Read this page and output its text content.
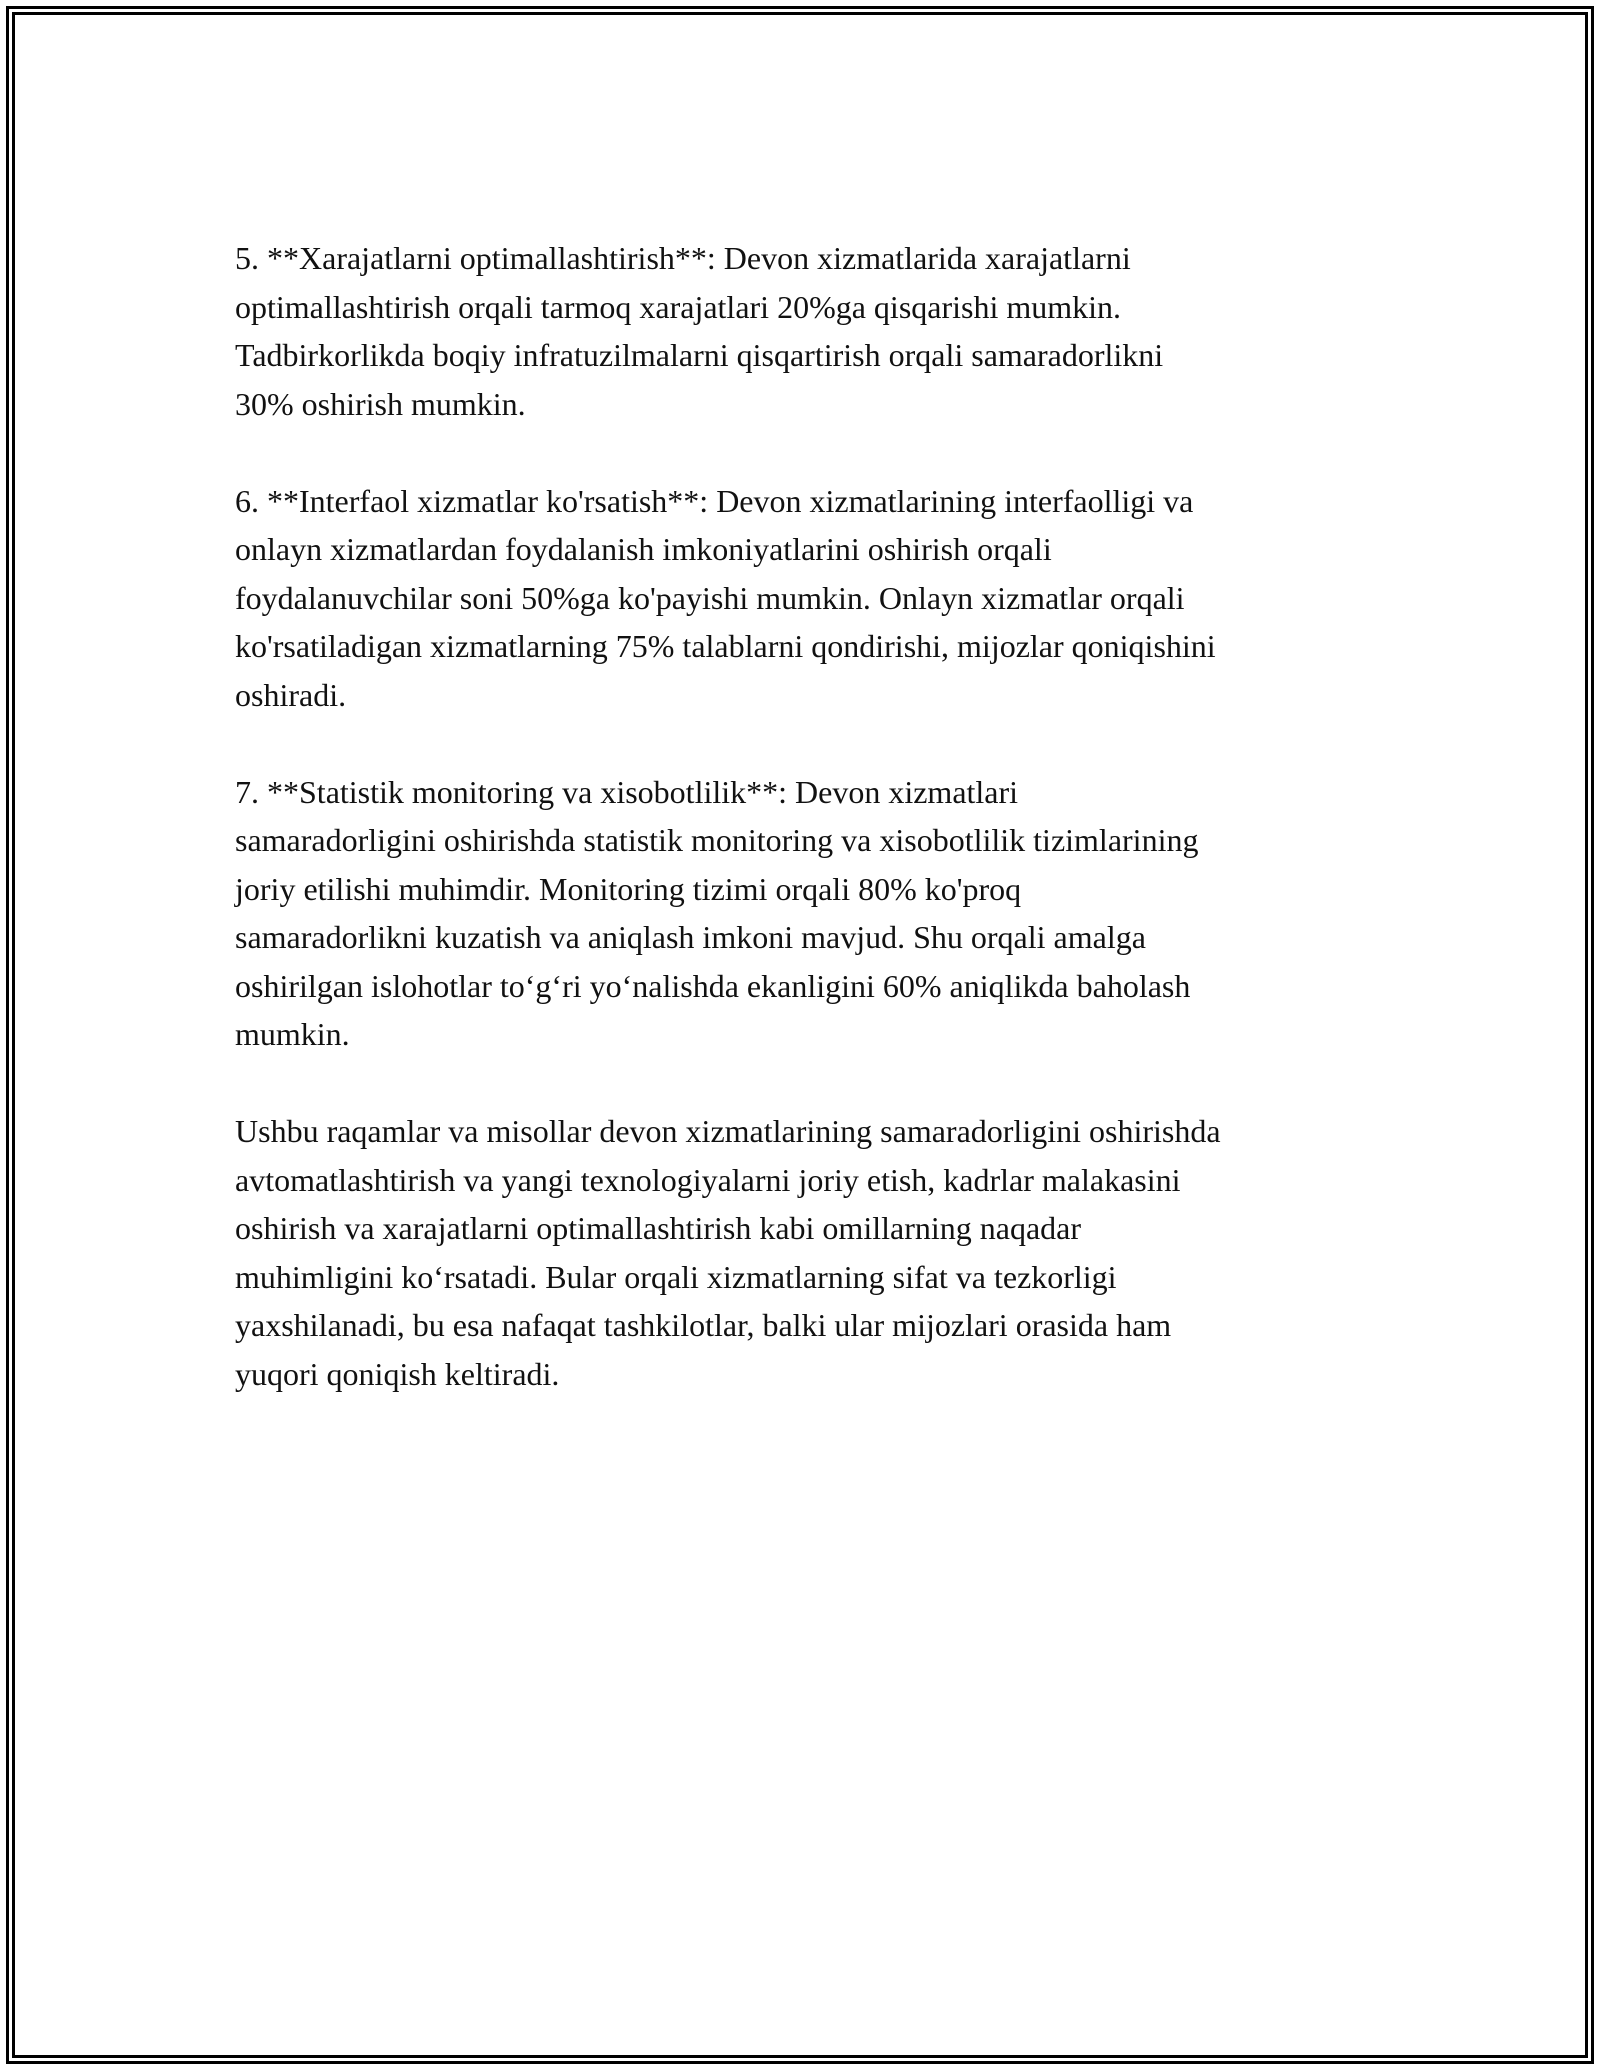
5. **Xarajatlarni optimallashtirish**: Devon xizmatlarida xarajatlarni
optimallashtirish orqali tarmoq xarajatlari 20%ga qisqarishi mumkin.
Tadbirkorlikda boqiy infratuzilmalarni qisqartirish orqali samaradorlikni
30% oshirish mumkin.

6. **Interfaol xizmatlar ko'rsatish**: Devon xizmatlarining interfaolligi va
onlayn xizmatlardan foydalanish imkoniyatlarini oshirish orqali
foydalanuvchilar soni 50%ga ko'payishi mumkin. Onlayn xizmatlar orqali
ko'rsatiladigan xizmatlarning 75% talablarni qondirishi, mijozlar qoniqishini
oshiradi.

7. **Statistik monitoring va xisobotlilik**: Devon xizmatlari
samaradorligini oshirishda statistik monitoring va xisobotlilik tizimlarining
joriy etilishi muhimdir. Monitoring tizimi orqali 80% ko'proq
samaradorlikni kuzatish va aniqlash imkoni mavjud. Shu orqali amalga
oshirilgan islohotlar to‘g‘ri yo‘nalishda ekanligini 60% aniqlikda baholash
mumkin.

Ushbu raqamlar va misollar devon xizmatlarining samaradorligini oshirishda
avtomatlashtirish va yangi texnologiyalarni joriy etish, kadrlar malakasini
oshirish va xarajatlarni optimallashtirish kabi omillarning naqadar
muhimligini ko‘rsatadi. Bular orqali xizmatlarning sifat va tezkorligi
yaxshilanadi, bu esa nafaqat tashkilotlar, balki ular mijozlari orasida ham
yuqori qoniqish keltiradi.
